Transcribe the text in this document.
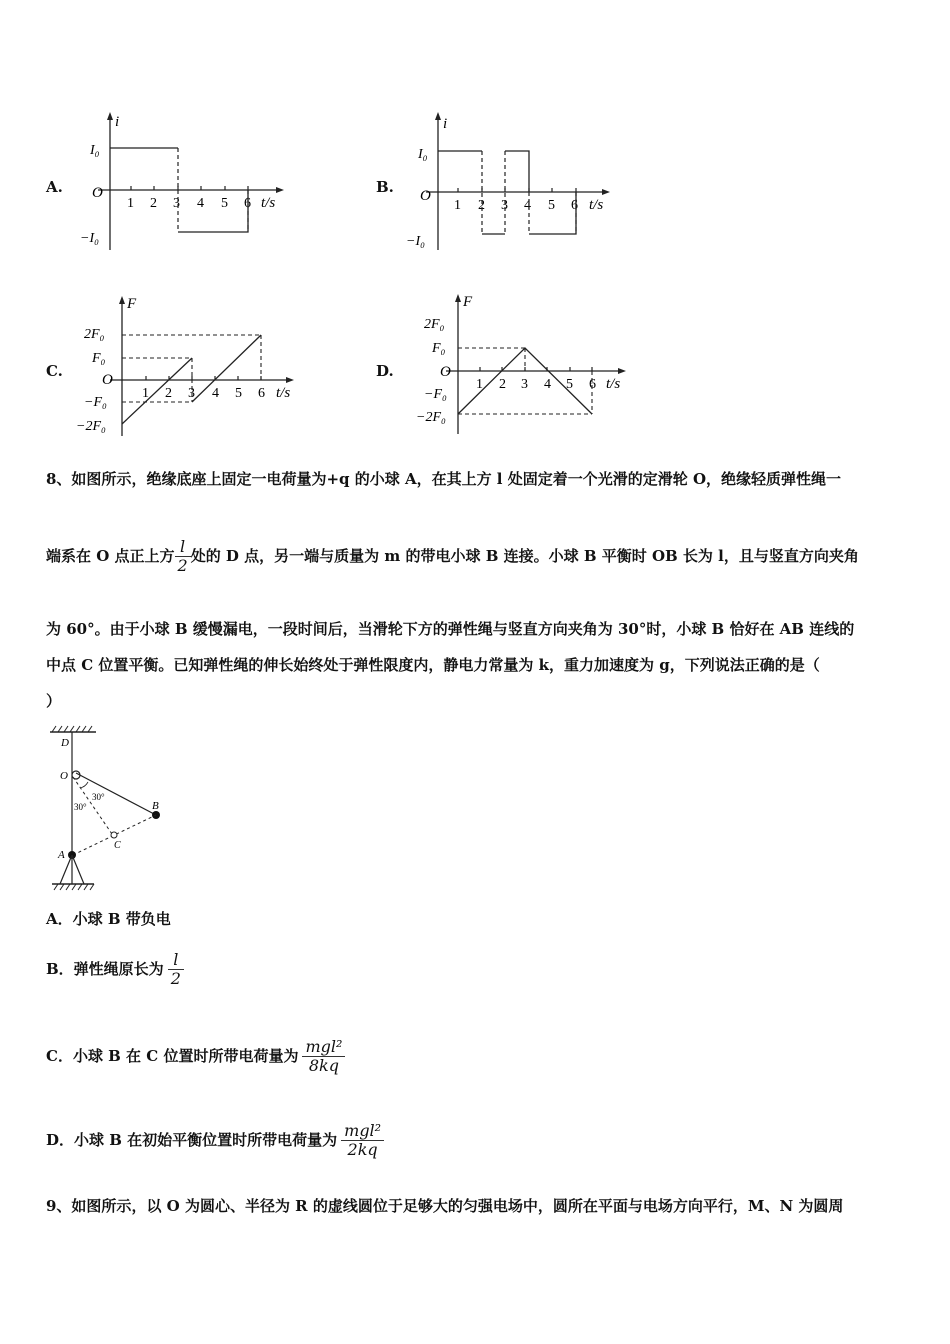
A.
i
I₀
O
−I₀
1 2 3 4 5 6 t/s
B.
i
I₀
O
−I₀
1 2 3 4 5 6 t/s
C.
F
2F₀
F₀
O
−F₀
−2F₀
1 2 3 4 5 6 t/s
D.
F
2F₀
F₀
O
−F₀
−2F₀
1 2 3 4 5 6 t/s
8、如图所示，绝缘底座上固定一电荷量为+q 的小球 A，在其上方 l 处固定着一个光滑的定滑轮 O，绝缘轻质弹性绳一
端系在 O 点正上方 $\frac{l}{2}$ 处的 D 点，另一端与质量为 m 的带电小球 B 连接。小球 B 平衡时 OB 长为 l，且与竖直方向夹角
为 60°。由于小球 B 缓慢漏电，一段时间后，当滑轮下方的弹性绳与竖直方向夹角为 30°时，小球 B 恰好在 AB 连线的
中点 C 位置平衡。已知弹性绳的伸长始终处于弹性限度内，静电力常量为 k，重力加速度为 g，下列说法正确的是（
）
D
O
B
C
30°
30°
A
A．小球 B 带负电
B．弹性绳原长为 $\frac{l}{2}$
C．小球 B 在 C 位置时所带电荷量为 $\frac{\text{mgl²}}{8kq}$
D．小球 B 在初始平衡位置时所带电荷量为 $\frac{\text{mgl²}}{2kq}$
9、如图所示，以 O 为圆心、半径为 R 的虚线圆位于足够大的匀强电场中，圆所在平面与电场方向平行，M、N 为圆周
